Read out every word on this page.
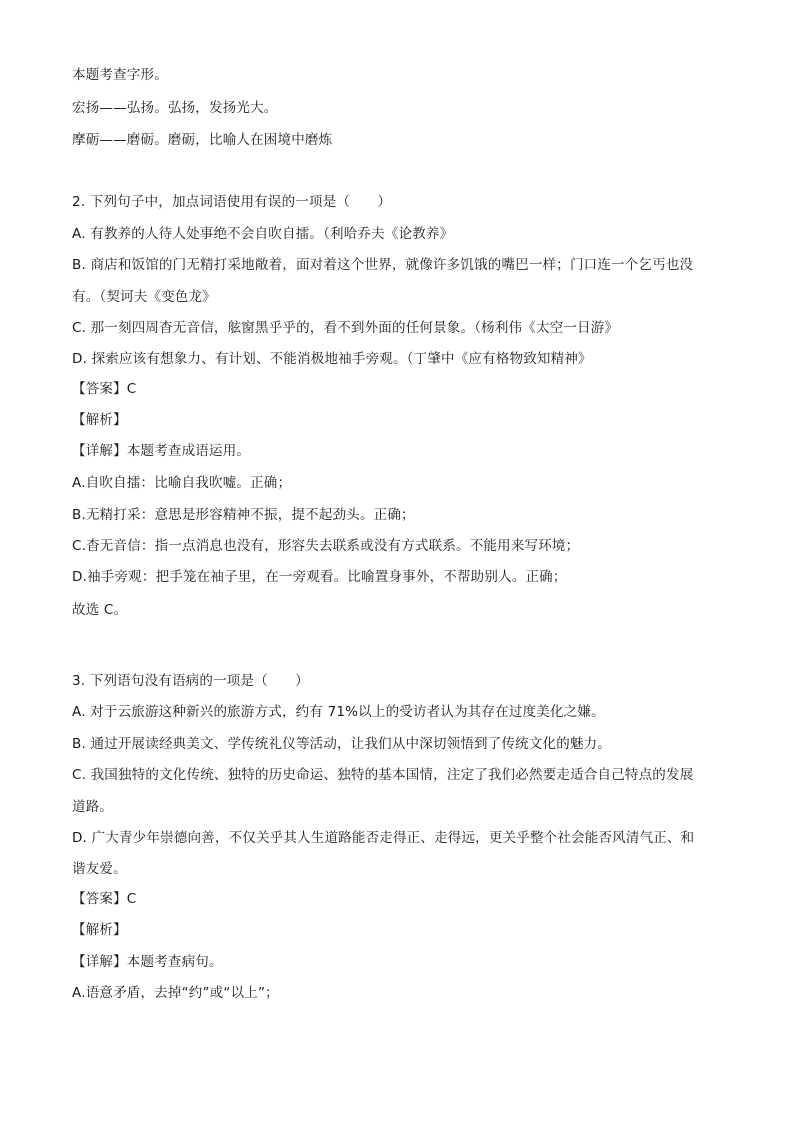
本题考查字形。
宏扬——弘扬。弘扬，发扬光大。
摩砺——磨砺。磨砺，比喻人在困境中磨炼
2. 下列句子中，加点词语使用有误的一项是（　　）
A. 有教养的人待人处事绝不会自吹自擂。（利哈乔夫《论教养》
B. 商店和饭馆的门无精打采地敞着，面对着这个世界，就像许多饥饿的嘴巴一样；门口连一个乞丐也没
有。（契诃夫《变色龙》
C. 那一刻四周杳无音信，舷窗黑乎乎的，看不到外面的任何景象。（杨利伟《太空一日游》
D. 探索应该有想象力、有计划、不能消极地袖手旁观。（丁肇中《应有格物致知精神》
【答案】C
【解析】
【详解】本题考查成语运用。
A.自吹自擂：比喻自我吹嘘。正确；
B.无精打采：意思是形容精神不振，提不起劲头。正确；
C.杳无音信：指一点消息也没有，形容失去联系或没有方式联系。不能用来写环境；
D.袖手旁观：把手笼在袖子里，在一旁观看。比喻置身事外，不帮助别人。正确；
故选 C。
3. 下列语句没有语病的一项是（　　）
A. 对于云旅游这种新兴的旅游方式，约有 71%以上的受访者认为其存在过度美化之嫌。
B. 通过开展读经典美文、学传统礼仪等活动，让我们从中深切领悟到了传统文化的魅力。
C. 我国独特的文化传统、独特的历史命运、独特的基本国情，注定了我们必然要走适合自己特点的发展
道路。
D. 广大青少年崇德向善，不仅关乎其人生道路能否走得正、走得远，更关乎整个社会能否风清气正、和
谐友爱。
【答案】C
【解析】
【详解】本题考查病句。
A.语意矛盾，去掉“约”或“以上”；
